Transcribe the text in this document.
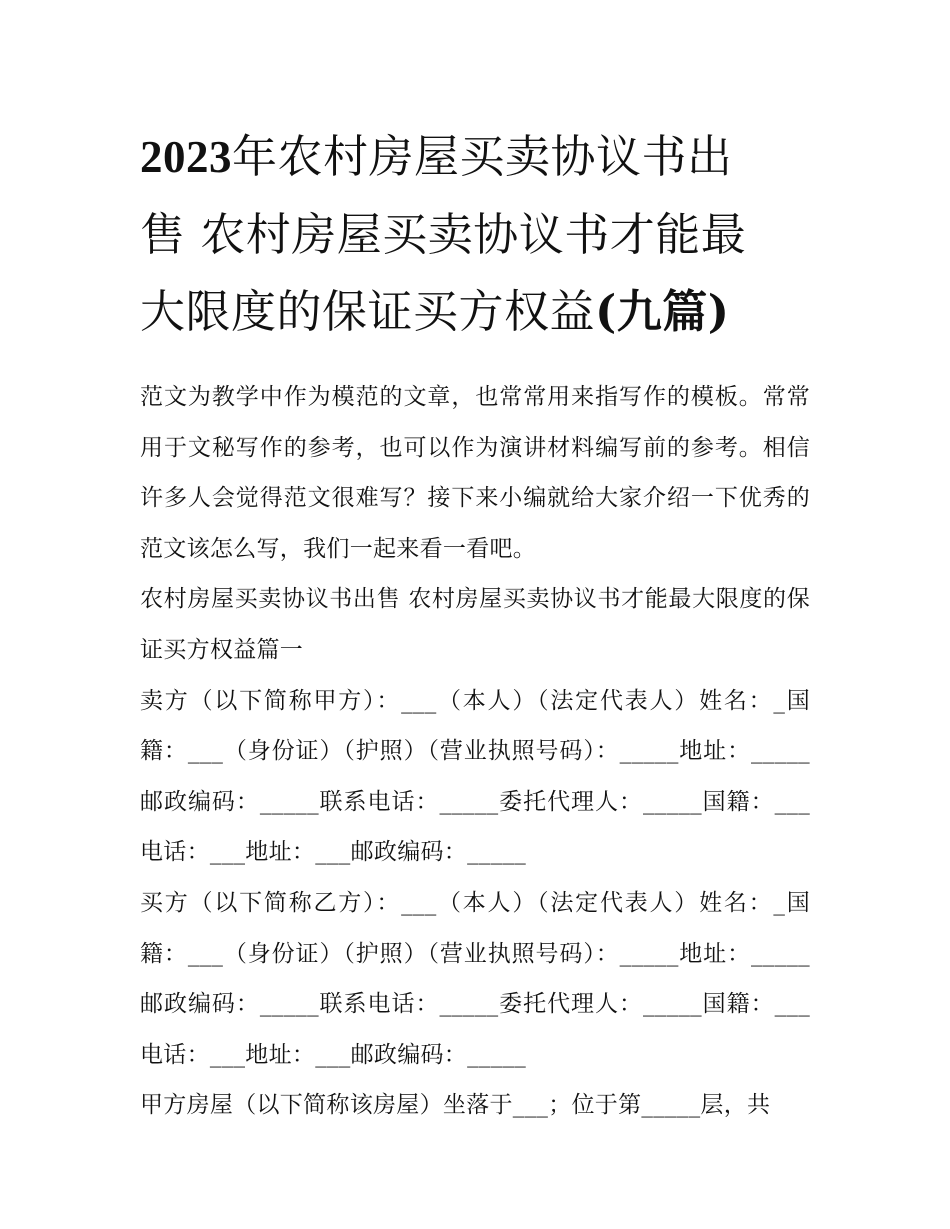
2023年农村房屋买卖协议书出
售 农村房屋买卖协议书才能最
大限度的保证买方权益(九篇)

范文为教学中作为模范的文章，也常常用来指写作的模板。常常用于文秘写作的参考，也可以作为演讲材料编写前的参考。相信许多人会觉得范文很难写？接下来小编就给大家介绍一下优秀的范文该怎么写，我们一起来看一看吧。

农村房屋买卖协议书出售 农村房屋买卖协议书才能最大限度的保证买方权益篇一

卖方（以下简称甲方）：___（本人）（法定代表人）姓名：_国籍：___（身份证）（护照）（营业执照号码）：_____地址：_____邮政编码：_____联系电话：_____委托代理人：_____国籍：___电话：___地址：___邮政编码：_____

买方（以下简称乙方）：___（本人）（法定代表人）姓名：_国籍：___（身份证）（护照）（营业执照号码）：_____地址：_____邮政编码：_____联系电话：_____委托代理人：_____国籍：___电话：___地址：___邮政编码：_____

甲方房屋（以下简称该房屋）坐落于___；位于第_____层，共
